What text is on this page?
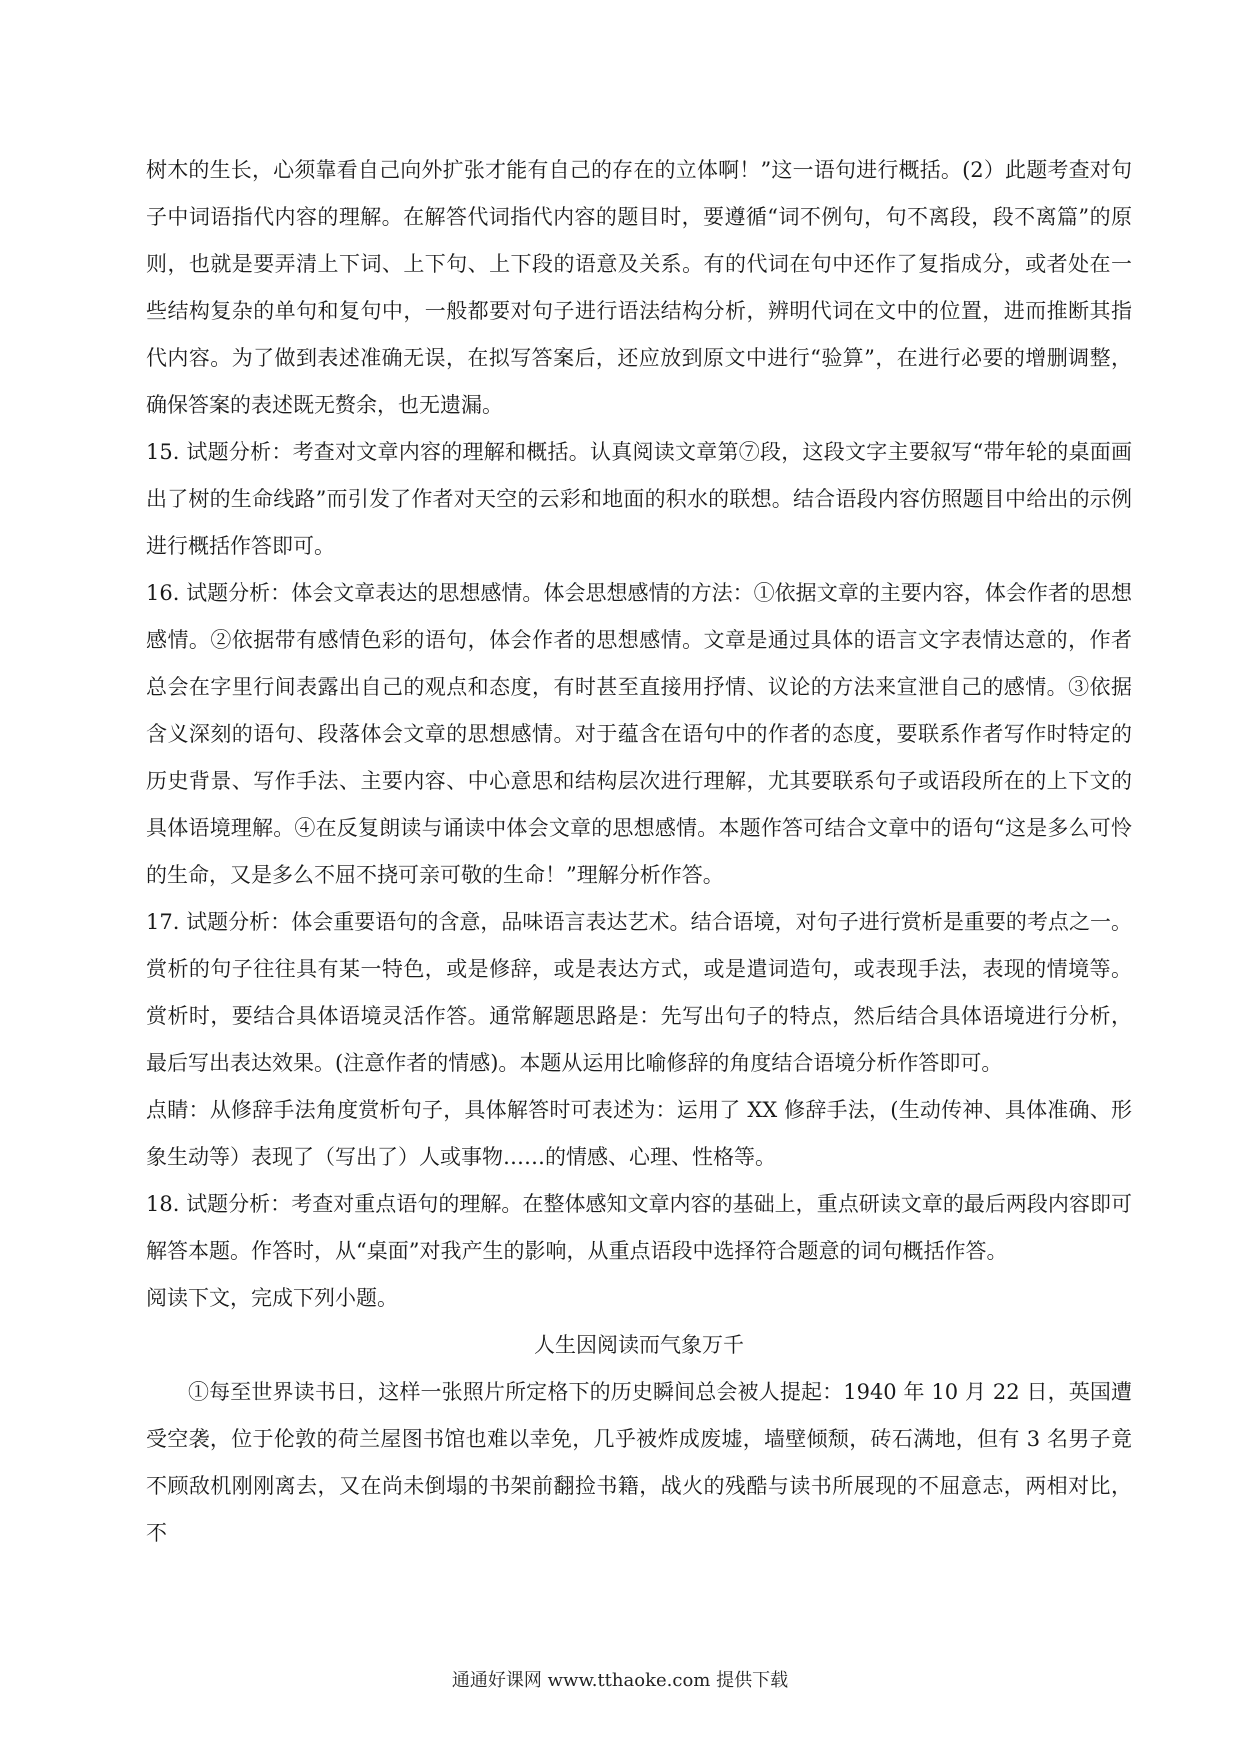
树木的生长，心须靠看自己向外扩张才能有自己的存在的立体啊！”这一语句进行概括。(2）此题考查对句子中词语指代内容的理解。在解答代词指代内容的题目时，要遵循“词不例句，句不离段，段不离篇”的原则，也就是要弄清上下词、上下句、上下段的语意及关系。有的代词在句中还作了复指成分，或者处在一些结构复杂的单句和复句中，一般都要对句子进行语法结构分析，辨明代词在文中的位置，进而推断其指代内容。为了做到表述准确无误，在拟写答案后，还应放到原文中进行“验算”，在进行必要的增删调整，确保答案的表述既无赘余，也无遗漏。

15. 试题分析：考查对文章内容的理解和概括。认真阅读文章第⑦段，这段文字主要叙写“带年轮的桌面画出了树的生命线路”而引发了作者对天空的云彩和地面的积水的联想。结合语段内容仿照题目中给出的示例进行概括作答即可。

16. 试题分析：体会文章表达的思想感情。体会思想感情的方法：①依据文章的主要内容，体会作者的思想感情。②依据带有感情色彩的语句，体会作者的思想感情。文章是通过具体的语言文字表情达意的，作者总会在字里行间表露出自己的观点和态度，有时甚至直接用抒情、议论的方法来宣泄自己的感情。③依据含义深刻的语句、段落体会文章的思想感情。对于蕴含在语句中的作者的态度，要联系作者写作时特定的历史背景、写作手法、主要内容、中心意思和结构层次进行理解，尤其要联系句子或语段所在的上下文的具体语境理解。④在反复朗读与诵读中体会文章的思想感情。本题作答可结合文章中的语句“这是多么可怜的生命，又是多么不屈不挠可亲可敬的生命！”理解分析作答。

17. 试题分析：体会重要语句的含意，品味语言表达艺术。结合语境，对句子进行赏析是重要的考点之一。赏析的句子往往具有某一特色，或是修辞，或是表达方式，或是遣词造句，或表现手法，表现的情境等。赏析时，要结合具体语境灵活作答。通常解题思路是：先写出句子的特点，然后结合具体语境进行分析，最后写出表达效果。(注意作者的情感)。本题从运用比喻修辞的角度结合语境分析作答即可。

点睛：从修辞手法角度赏析句子，具体解答时可表述为：运用了 XX 修辞手法，(生动传神、具体准确、形象生动等）表现了（写出了）人或事物……的情感、心理、性格等。

18. 试题分析：考查对重点语句的理解。在整体感知文章内容的基础上，重点研读文章的最后两段内容即可解答本题。作答时，从“桌面”对我产生的影响，从重点语段中选择符合题意的词句概括作答。

阅读下文，完成下列小题。

人生因阅读而气象万千

①每至世界读书日，这样一张照片所定格下的历史瞬间总会被人提起：1940 年 10 月 22 日，英国遭受空袭，位于伦敦的荷兰屋图书馆也难以幸免，几乎被炸成废墟，墙壁倾颓，砖石满地，但有 3 名男子竟不顾敌机刚刚离去，又在尚未倒塌的书架前翻捡书籍，战火的残酷与读书所展现的不屈意志，两相对比，不

通通好课网 www.tthaoke.com 提供下载
